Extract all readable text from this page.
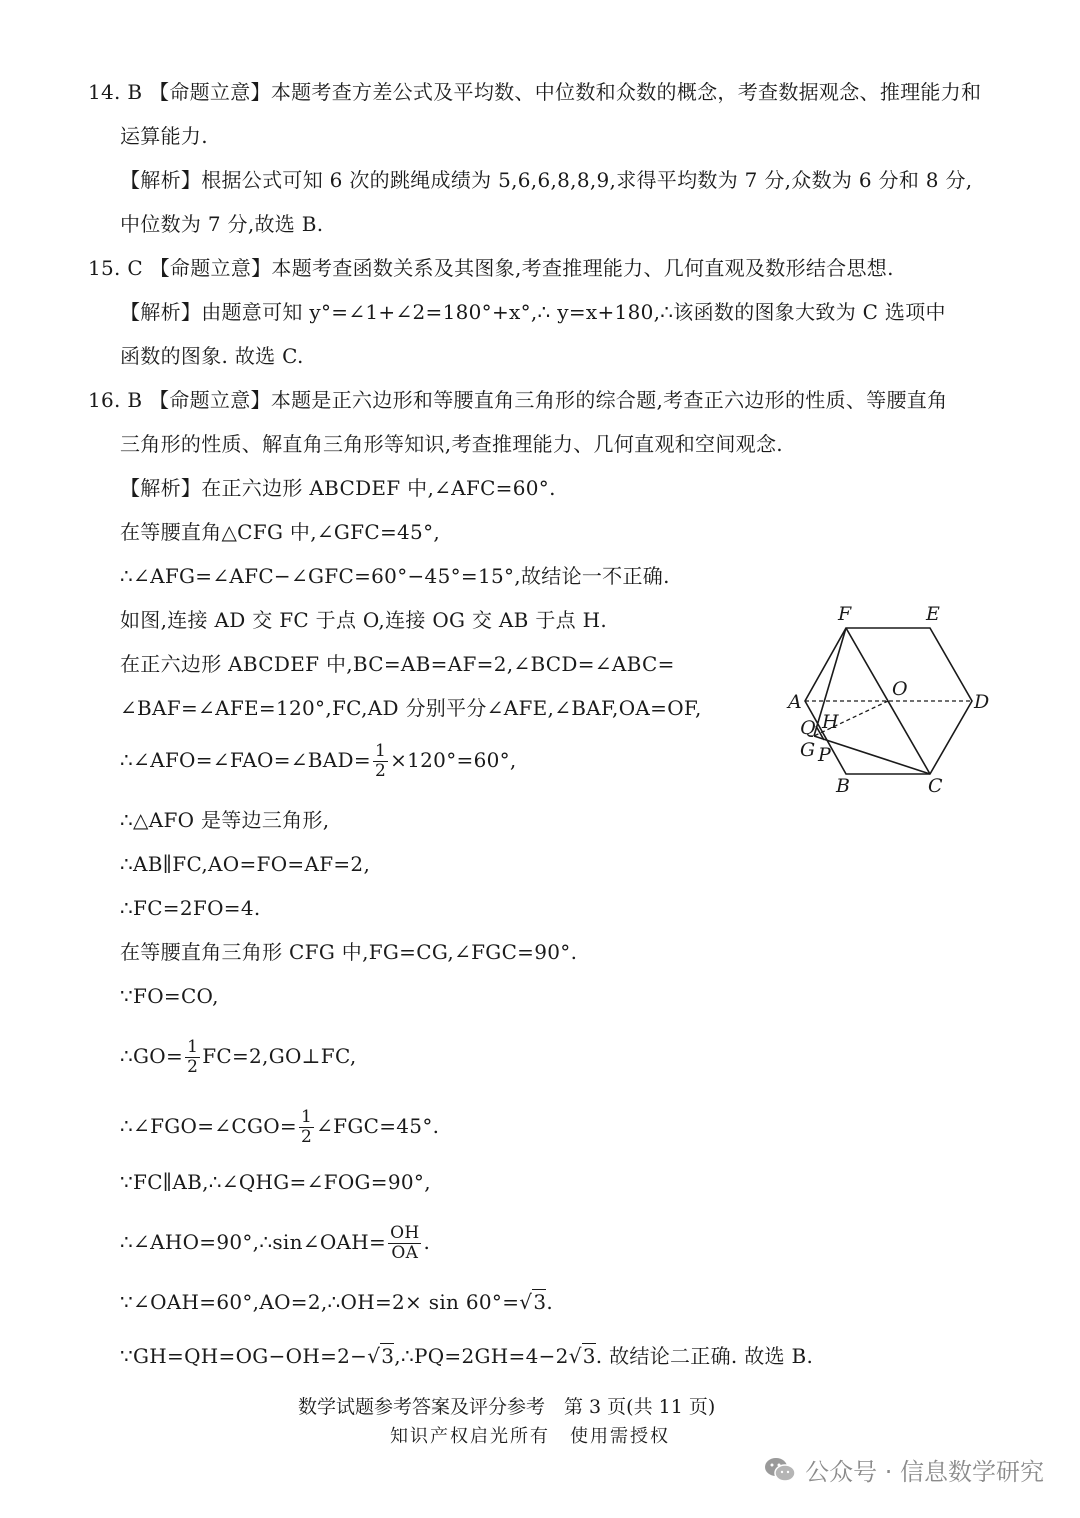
14. B 【命题立意】本题考查方差公式及平均数、中位数和众数的概念，考查数据观念、推理能力和
运算能力.
【解析】根据公式可知 6 次的跳绳成绩为 5,6,6,8,8,9,求得平均数为 7 分,众数为 6 分和 8 分,
中位数为 7 分,故选 B.
15. C 【命题立意】本题考查函数关系及其图象,考查推理能力、几何直观及数形结合思想.
【解析】由题意可知 y°=∠1+∠2=180°+x°,∴ y=x+180,∴该函数的图象大致为 C 选项中
函数的图象. 故选 C.
16. B 【命题立意】本题是正六边形和等腰直角三角形的综合题,考查正六边形的性质、等腰直角
三角形的性质、解直角三角形等知识,考查推理能力、几何直观和空间观念.
【解析】在正六边形 ABCDEF 中,∠AFC=60°.
在等腰直角△CFG 中,∠GFC=45°,
∴∠AFG=∠AFC−∠GFC=60°−45°=15°,故结论一不正确.
如图,连接 AD 交 FC 于点 O,连接 OG 交 AB 于点 H.
在正六边形 ABCDEF 中,BC=AB=AF=2,∠BCD=∠ABC=
∠BAF=∠AFE=120°,FC,AD 分别平分∠AFE,∠BAF,OA=OF,
∴∠AFO=∠FAO=∠BAD= $\frac{1}{2} \times 120^\circ=60^\circ$,
∴△AFO 是等边三角形,
∴AB∥FC,AO=FO=AF=2,
∴FC=2FO=4.
在等腰直角三角形 CFG 中,FG=CG,∠FGC=90°.
∵FO=CO,
∴GO= $\frac{1}{2}$ FC=2,GO⊥FC,
∴∠FGO=∠CGO= $\frac{1}{2}$ ∠FGC=45°.
∵FC∥AB,∴∠QHG=∠FOG=90°,
∴∠AHO=90°,∴sin∠OAH= $\frac{OH}{OA}$ .
∵∠OAH=60°,AO=2,∴OH=2× sin 60°=√3.
∵GH=QH=OG−OH=2−√3,∴PQ=2GH=4−2√3. 故结论二正确. 故选 B.
F	E
A
O
D
Q H
G P
B	C
数学试题参考答案及评分参考　第 3 页(共 11 页)
知识产权启光所有　使用需授权
公众号 · 信息数学研究
